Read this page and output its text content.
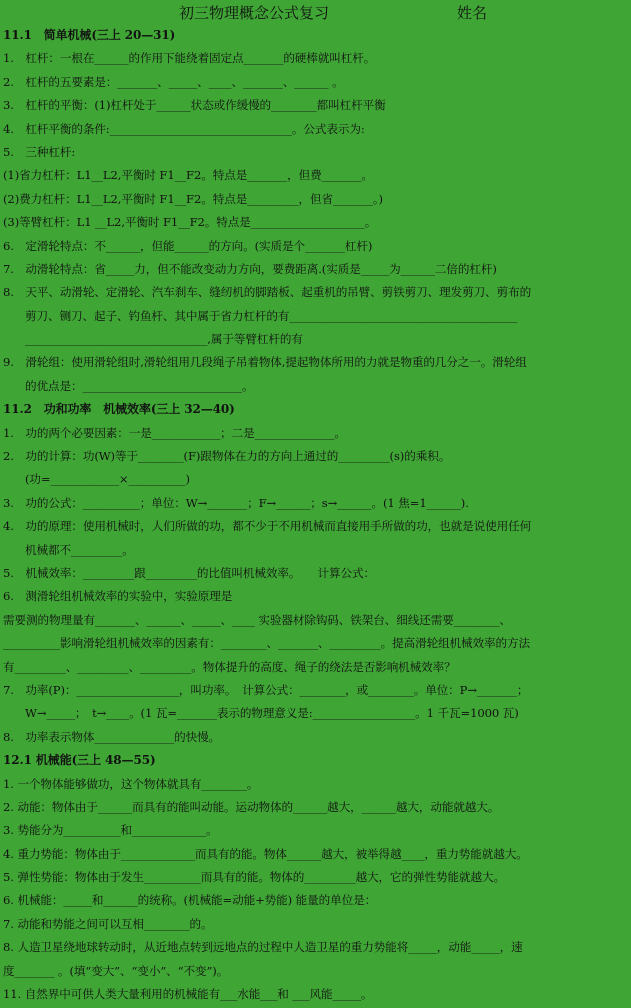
初三物理概念公式复习	姓名
11.1　简单机械(三上 20—31)
1.　杠杆：一根在______的作用下能绕着固定点_______的硬棒就叫杠杆。
2.　杠杆的五要素是：_______、_____、____、_______、______ 。
3.　杠杆的平衡：(1)杠杆处于______状态或作缓慢的________都叫杠杆平衡
4.　杠杆平衡的条件:________________________________。公式表示为:
5.　三种杠杆:
(1)省力杠杆：L1__L2,平衡时 F1__F2。特点是_______，但费_______。
(2)费力杠杆：L1__L2,平衡时 F1__F2。特点是_________，但省_______。)
(3)等臂杠杆：L1 __L2,平衡时 F1__F2。特点是____________________。
6.　定滑轮特点：不______，但能______的方向。(实质是个_______杠杆)
7.　动滑轮特点：省_____力，但不能改变动力方向，要费距离.(实质是_____为______二倍的杠杆)
8.　天平、动滑轮、定滑轮、汽车刹车、缝纫机的脚踏板、起重机的吊臂、剪铁剪刀、理发剪刀、剪布的
剪刀、铡刀、起子、钓鱼杆、其中属于省力杠杆的有________________________________________
________________________________,属于等臂杠杆的有
9.　滑轮组：使用滑轮组时,滑轮组用几段绳子吊着物体,提起物体所用的力就是物重的几分之一。滑轮组
的优点是：____________________________。
11.2　功和功率　机械效率(三上 32—40)
1.　功的两个必要因素：一是____________；二是______________。
2.　功的计算：功(W)等于________(F)跟物体在力的方向上通过的_________(s)的乘积。
(功=____________×__________)
3.　功的公式：__________；单位：W→_______；F→______；s→______。(1 焦=1______).
4.　功的原理：使用机械时，人们所做的功，都不少于不用机械而直接用手所做的功，也就是说使用任何
机械都不_________。
5.　机械效率：_________跟_________的比值叫机械效率。　　计算公式：
6.　测滑轮组机械效率的实验中，实验原理是
需要测的物理量有_______、______、_____、____ 实验器材除钩码、铁架台、细线还需要________、
__________影响滑轮组机械效率的因素有：________、_______、_________。提高滑轮组机械效率的方法
有_________、_________、_________。物体提升的高度、绳子的绕法是否影响机械效率？
7.　功率(P)：__________________，叫功率。　计算公式：________，或________。单位：P→_______；
W→_____；　t→____。(1 瓦=_______表示的物理意义是:__________________。1 千瓦=1000 瓦)
8.　功率表示物体______________的快慢。
12.1 机械能(三上 48—55)
1. 一个物体能够做功，这个物体就具有________。
2. 动能：物体由于______而具有的能叫动能。运动物体的______越大，______越大，动能就越大。
3. 势能分为__________和_____________。
4. 重力势能：物体由于_____________而具有的能。物体______越大，被举得越____，重力势能就越大。
5. 弹性势能：物体由于发生__________而具有的能。物体的_________越大，它的弹性势能就越大。
6. 机械能：_____和______的统称。(机械能=动能+势能) 能量的单位是：
7. 动能和势能之间可以互相________的。
8. 人造卫星绕地球转动时，从近地点转到远地点的过程中人造卫星的重力势能将_____，动能_____，速
度_______ 。(填“变大”、“变小”、“不变”)。
11. 自然界中可供人类大量利用的机械能有___水能___和 ___风能_____。
